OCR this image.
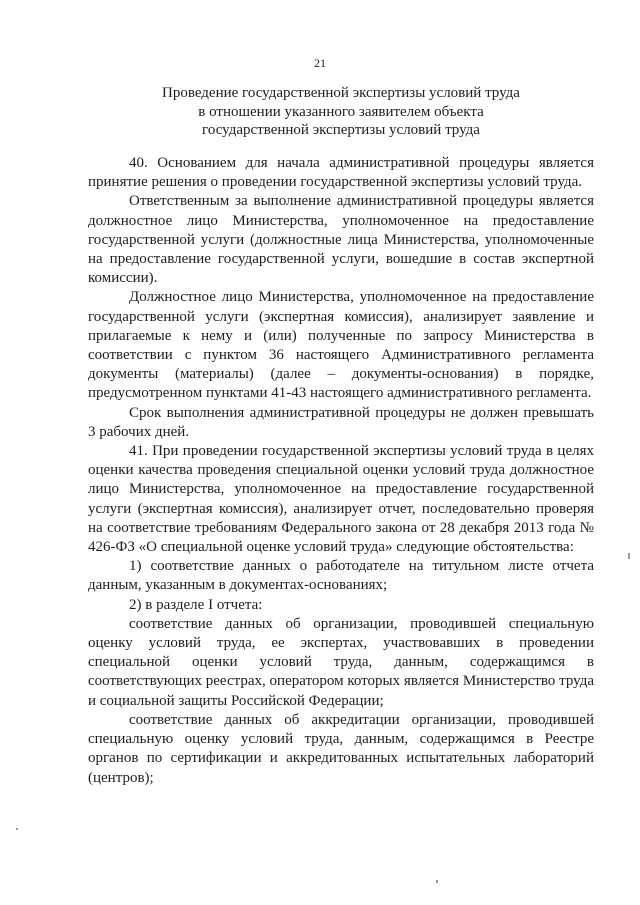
21
Проведение государственной экспертизы условий труда
в отношении указанного заявителем объекта
государственной экспертизы условий труда

40. Основанием для начала административной процедуры является принятие решения о проведении государственной экспертизы условий труда.

Ответственным за выполнение административной процедуры является должностное лицо Министерства, уполномоченное на предоставление государственной услуги (должностные лица Министерства, уполномоченные на предоставление государственной услуги, вошедшие в состав экспертной комиссии).

Должностное лицо Министерства, уполномоченное на предоставление государственной услуги (экспертная комиссия), анализирует заявление и прилагаемые к нему и (или) полученные по запросу Министерства в соответствии с пунктом 36 настоящего Административного регламента документы (материалы) (далее – документы-основания) в порядке, предусмотренном пунктами 41-43 настоящего административного регламента.

Срок выполнения административной процедуры не должен превышать 3 рабочих дней.

41. При проведении государственной экспертизы условий труда в целях оценки качества проведения специальной оценки условий труда должностное лицо Министерства, уполномоченное на предоставление государственной услуги (экспертная комиссия), анализирует отчет, последовательно проверяя на соответствие требованиям Федерального закона от 28 декабря 2013 года № 426-ФЗ «О специальной оценке условий труда» следующие обстоятельства:

1) соответствие данных о работодателе на титульном листе отчета данным, указанным в документах-основаниях;

2) в разделе I отчета:

соответствие данных об организации, проводившей специальную оценку условий труда, ее экспертах, участвовавших в проведении специальной оценки условий труда, данным, содержащимся в соответствующих реестрах, оператором которых является Министерство труда и социальной защиты Российской Федерации;

соответствие данных об аккредитации организации, проводившей специальную оценку условий труда, данным, содержащимся в Реестре органов по сертификации и аккредитованных испытательных лабораторий (центров);
